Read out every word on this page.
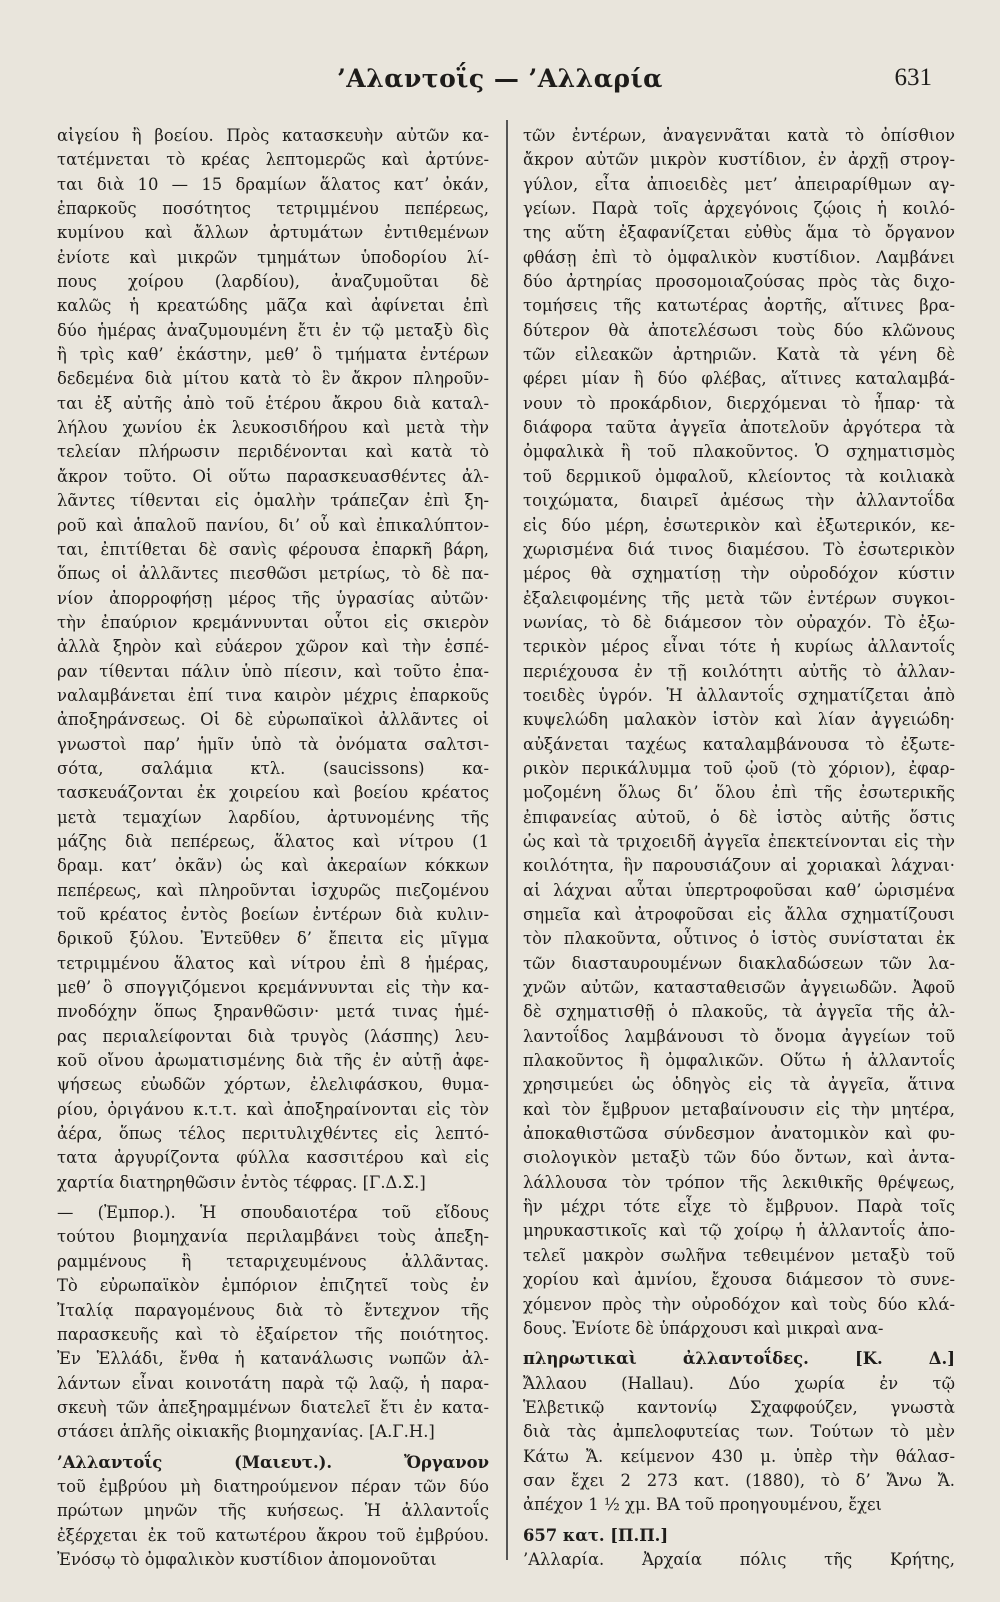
’Αλαντοΐς — ’Αλλαρία	631
αἰγείου ἢ βοείου. Πρὸς κατασκευὴν αὐτῶν κα-
τατέμνεται τὸ κρέας λεπτομερῶς καὶ ἀρτύνε-
ται διὰ 10 — 15 δραμίων ἅλατος κατ’ ὀκάν,
ἐπαρκοῦς ποσότητος τετριμμένου πεπέρεως,
κυμίνου καὶ ἄλλων ἀρτυμάτων ἐντιθεμένων
ἐνίοτε καὶ μικρῶν τμημάτων ὑποδορίου λί-
πους χοίρου (λαρδίου), ἀναζυμοῦται δὲ
καλῶς ἡ κρεατώδης μᾶζα καὶ ἀφίνεται ἐπὶ
δύο ἡμέρας ἀναζυμουμένη ἔτι ἐν τῷ μεταξὺ δὶς
ἢ τρὶς καθ’ ἑκάστην, μεθ’ ὃ τμήματα ἐντέρων
δεδεμένα διὰ μίτου κατὰ τὸ ἓν ἄκρον πληροῦν-
ται ἐξ αὐτῆς ἀπὸ τοῦ ἑτέρου ἄκρου διὰ καταλ-
λήλου χωνίου ἐκ λευκοσιδήρου καὶ μετὰ τὴν
τελείαν πλήρωσιν περιδένονται καὶ κατὰ τὸ
ἄκρον τοῦτο. Οἱ οὕτω παρασκευασθέντες ἀλ-
λᾶντες τίθενται εἰς ὁμαλὴν τράπεζαν ἐπὶ ξη-
ροῦ καὶ ἁπαλοῦ πανίου, δι’ οὗ καὶ ἐπικαλύπτον-
ται, ἐπιτίθεται δὲ σανὶς φέρουσα ἐπαρκῆ βάρη,
ὅπως οἱ ἀλλᾶντες πιεσθῶσι μετρίως, τὸ δὲ πα-
νίον ἀπορροφήσῃ μέρος τῆς ὑγρασίας αὐτῶν·
τὴν ἐπαύριον κρεμάννυνται οὗτοι εἰς σκιερὸν
ἀλλὰ ξηρὸν καὶ εὐάερον χῶρον καὶ τὴν ἑσπέ-
ραν τίθενται πάλιν ὑπὸ πίεσιν, καὶ τοῦτο ἐπα-
ναλαμβάνεται ἐπί τινα καιρὸν μέχρις ἐπαρκοῦς
ἀποξηράνσεως. Οἱ δὲ εὐρωπαϊκοὶ ἀλλᾶντες οἱ
γνωστοὶ παρ’ ἡμῖν ὑπὸ τὰ ὀνόματα σαλτσι-
σότα, σαλάμια κτλ. (saucissons) κα-
τασκευάζονται ἐκ χοιρείου καὶ βοείου κρέατος
μετὰ τεμαχίων λαρδίου, ἀρτυνομένης τῆς
μάζης διὰ πεπέρεως, ἅλατος καὶ νίτρου (1
δραμ. κατ’ ὀκᾶν) ὡς καὶ ἀκεραίων κόκκων
πεπέρεως, καὶ πληροῦνται ἰσχυρῶς πιεζομένου
τοῦ κρέατος ἐντὸς βοείων ἐντέρων διὰ κυλιν-
δρικοῦ ξύλου. Ἐντεῦθεν δ’ ἔπειτα εἰς μῖγμα
τετριμμένου ἅλατος καὶ νίτρου ἐπὶ 8 ἡμέρας,
μεθ’ ὃ σπογγιζόμενοι κρεμάννυνται εἰς τὴν κα-
πνοδόχην ὅπως ξηρανθῶσιν· μετά τινας ἡμέ-
ρας περιαλείφονται διὰ τρυγὸς (λάσπης) λευ-
κοῦ οἴνου ἀρωματισμένης διὰ τῆς ἐν αὐτῇ ἀφε-
ψήσεως εὐωδῶν χόρτων, ἐλελιφάσκου, θυμα-
ρίου, ὀριγάνου κ.τ.τ. καὶ ἀποξηραίνονται εἰς τὸν
ἀέρα, ὅπως τέλος περιτυλιχθέντες εἰς λεπτό-
τατα ἀργυρίζοντα φύλλα κασσιτέρου καὶ εἰς
χαρτία διατηρηθῶσιν ἐντὸς τέφρας. [Γ.Δ.Σ.]
— (Ἐμπορ.). Ἡ σπουδαιοτέρα τοῦ εἴδους
τούτου βιομηχανία περιλαμβάνει τοὺς ἀπεξη-
ραμμένους ἢ τεταριχευμένους ἀλλᾶντας.
Τὸ εὐρωπαϊκὸν ἐμπόριον ἐπιζητεῖ τοὺς ἐν
Ἰταλίᾳ παραγομένους διὰ τὸ ἔντεχνον τῆς
παρασκευῆς καὶ τὸ ἐξαίρετον τῆς ποιότητος.
Ἐν Ἑλλάδι, ἔνθα ἡ κατανάλωσις νωπῶν ἀλ-
λάντων εἶναι κοινοτάτη παρὰ τῷ λαῷ, ἡ παρα-
σκευὴ τῶν ἀπεξηραμμένων διατελεῖ ἔτι ἐν κατα-
στάσει ἁπλῆς οἰκιακῆς βιομηχανίας. [Α.Γ.Η.]
’Αλλαντοΐς (Μαιευτ.). Ὄργανον
τοῦ ἐμβρύου μὴ διατηρούμενον πέραν τῶν δύο
πρώτων μηνῶν τῆς κυήσεως. Ἡ ἀλλαντοΐς
ἐξέρχεται ἐκ τοῦ κατωτέρου ἄκρου τοῦ ἐμβρύου.
Ἐνόσῳ τὸ ὀμφαλικὸν κυστίδιον ἀπομονοῦται
τῶν ἐντέρων, ἀναγεννᾶται κατὰ τὸ ὀπίσθιον
ἄκρον αὐτῶν μικρὸν κυστίδιον, ἐν ἀρχῇ στρογ-
γύλον, εἶτα ἀπιοειδὲς μετ’ ἀπειραρίθμων αγ-
γείων. Παρὰ τοῖς ἀρχεγόνοις ζῴοις ἡ κοιλό-
της αὕτη ἐξαφανίζεται εὐθὺς ἅμα τὸ ὄργανον
φθάσῃ ἐπὶ τὸ ὀμφαλικὸν κυστίδιον. Λαμβάνει
δύο ἀρτηρίας προσομοιαζούσας πρὸς τὰς διχο-
τομήσεις τῆς κατωτέρας ἀορτῆς, αἵτινες βρα-
δύτερον θὰ ἀποτελέσωσι τοὺς δύο κλῶνους
τῶν εἰλεακῶν ἀρτηριῶν. Κατὰ τὰ γένη δὲ
φέρει μίαν ἢ δύο φλέβας, αἵτινες καταλαμβά-
νουν τὸ προκάρδιον, διερχόμεναι τὸ ἧπαρ· τὰ
διάφορα ταῦτα ἀγγεῖα ἀποτελοῦν ἀργότερα τὰ
ὀμφαλικὰ ἢ τοῦ πλακοῦντος. Ὁ σχηματισμὸς
τοῦ δερμικοῦ ὀμφαλοῦ, κλείοντος τὰ κοιλιακὰ
τοιχώματα, διαιρεῖ ἀμέσως τὴν ἀλλαντοΐδα
εἰς δύο μέρη, ἐσωτερικὸν καὶ ἐξωτερικόν, κε-
χωρισμένα διά τινος διαμέσου. Τὸ ἐσωτερικὸν
μέρος θὰ σχηματίσῃ τὴν οὐροδόχον κύστιν
ἐξαλειφομένης τῆς μετὰ τῶν ἐντέρων συγκοι-
νωνίας, τὸ δὲ διάμεσον τὸν οὐραχόν. Τὸ ἐξω-
τερικὸν μέρος εἶναι τότε ἡ κυρίως ἀλλαντοΐς
περιέχουσα ἐν τῇ κοιλότητι αὐτῆς τὸ ἀλλαν-
τοειδὲς ὑγρόν. Ἡ ἀλλαντοΐς σχηματίζεται ἀπὸ
κυψελώδη μαλακὸν ἱστὸν καὶ λίαν ἀγγειώδη·
αὐξάνεται ταχέως καταλαμβάνουσα τὸ ἐξωτε-
ρικὸν περικάλυμμα τοῦ ᾠοῦ (τὸ χόριον), ἐφαρ-
μοζομένη ὅλως δι’ ὅλου ἐπὶ τῆς ἐσωτερικῆς
ἐπιφανείας αὐτοῦ, ὁ δὲ ἱστὸς αὐτῆς ὅστις
ὡς καὶ τὰ τριχοειδῆ ἀγγεῖα ἐπεκτείνονται εἰς τὴν
κοιλότητα, ἣν παρουσιάζουν αἱ χοριακαὶ λάχναι·
αἱ λάχναι αὗται ὑπερτροφοῦσαι καθ’ ὡρισμένα
σημεῖα καὶ ἀτροφοῦσαι εἰς ἄλλα σχηματίζουσι
τὸν πλακοῦντα, οὗτινος ὁ ἱστὸς συνίσταται ἐκ
τῶν διασταυρουμένων διακλαδώσεων τῶν λα-
χνῶν αὐτῶν, κατασταθεισῶν ἀγγειωδῶν. Ἀφοῦ
δὲ σχηματισθῇ ὁ πλακοῦς, τὰ ἀγγεῖα τῆς ἀλ-
λαντοΐδος λαμβάνουσι τὸ ὄνομα ἀγγείων τοῦ
πλακοῦντος ἢ ὀμφαλικῶν. Οὕτω ἡ ἀλλαντοΐς
χρησιμεύει ὡς ὁδηγὸς εἰς τὰ ἀγγεῖα, ἅτινα
καὶ τὸν ἔμβρυον μεταβαίνουσιν εἰς τὴν μητέρα,
ἀποκαθιστῶσα σύνδεσμον ἀνατομικὸν καὶ φυ-
σιολογικὸν μεταξὺ τῶν δύο ὄντων, καὶ ἀντα-
λάλλουσα τὸν τρόπον τῆς λεκιθικῆς θρέψεως,
ἣν μέχρι τότε εἶχε τὸ ἔμβρυον. Παρὰ τοῖς
μηρυκαστικοῖς καὶ τῷ χοίρῳ ἡ ἀλλαντοΐς ἀπο-
τελεῖ μακρὸν σωλῆνα τεθειμένον μεταξὺ τοῦ
χορίου καὶ ἀμνίου, ἔχουσα διάμεσον τὸ συνε-
χόμενον πρὸς τὴν οὐροδόχον καὶ τοὺς δύο κλά-
δους. Ἐνίοτε δὲ ὑπάρχουσι καὶ μικραὶ ανα-
πληρωτικαὶ ἀλλαντοΐδες. [Κ. Δ.]
Ἄλλαου (Hallau). Δύο χωρία ἐν τῷ
Ἑλβετικῷ καντονίῳ Σχαφφούζεν, γνωστὰ
διὰ τὰς ἀμπελοφυτείας των. Τούτων τὸ μὲν
Κάτω Ἄ. κείμενον 430 μ. ὑπὲρ τὴν θάλασ-
σαν ἔχει 2 273 κατ. (1880), τὸ δ’ Ἄνω Ἄ.
ἀπέχον 1 ½ χμ. ΒΑ τοῦ προηγουμένου, ἔχει
657 κατ. [Π.Π.]
’Αλλαρία. Ἀρχαία πόλις τῆς Κρήτης,
